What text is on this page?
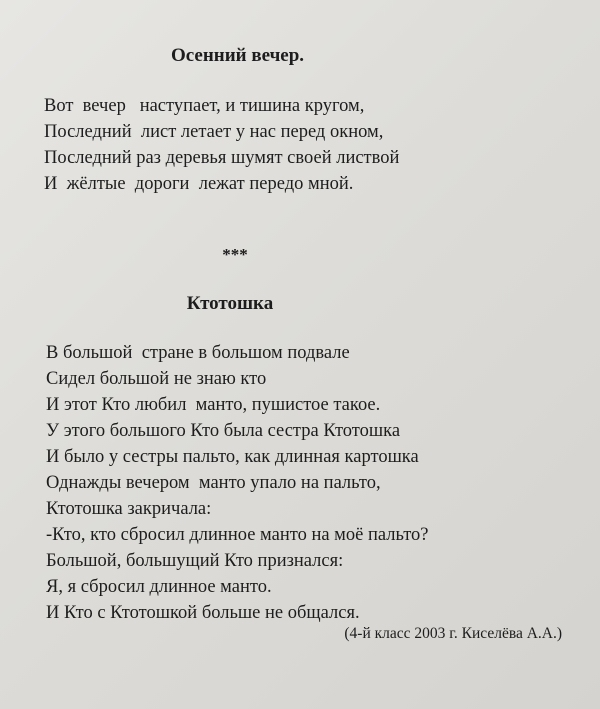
Осенний вечер.
Вот  вечер   наступает, и тишина кругом,
Последний  лист летает у нас перед окном,
Последний раз деревья шумят своей листвой
И  жёлтые  дороги  лежат передо мной.
***
Ктотошка
В большой  стране в большом подвале
Сидел большой не знаю кто
И этот Кто любил  манто, пушистое такое.
У этого большого Кто была сестра Ктотошка
И было у сестры пальто, как длинная картошка
Однажды вечером  манто упало на пальто,
Ктотошка закричала:
-Кто, кто сбросил длинное манто на моё пальто?
Большой, большущий Кто признался:
Я, я сбросил длинное манто.
И Кто с Ктотошкой больше не общался.
(4-й класс 2003 г. Киселёва А.А.)
